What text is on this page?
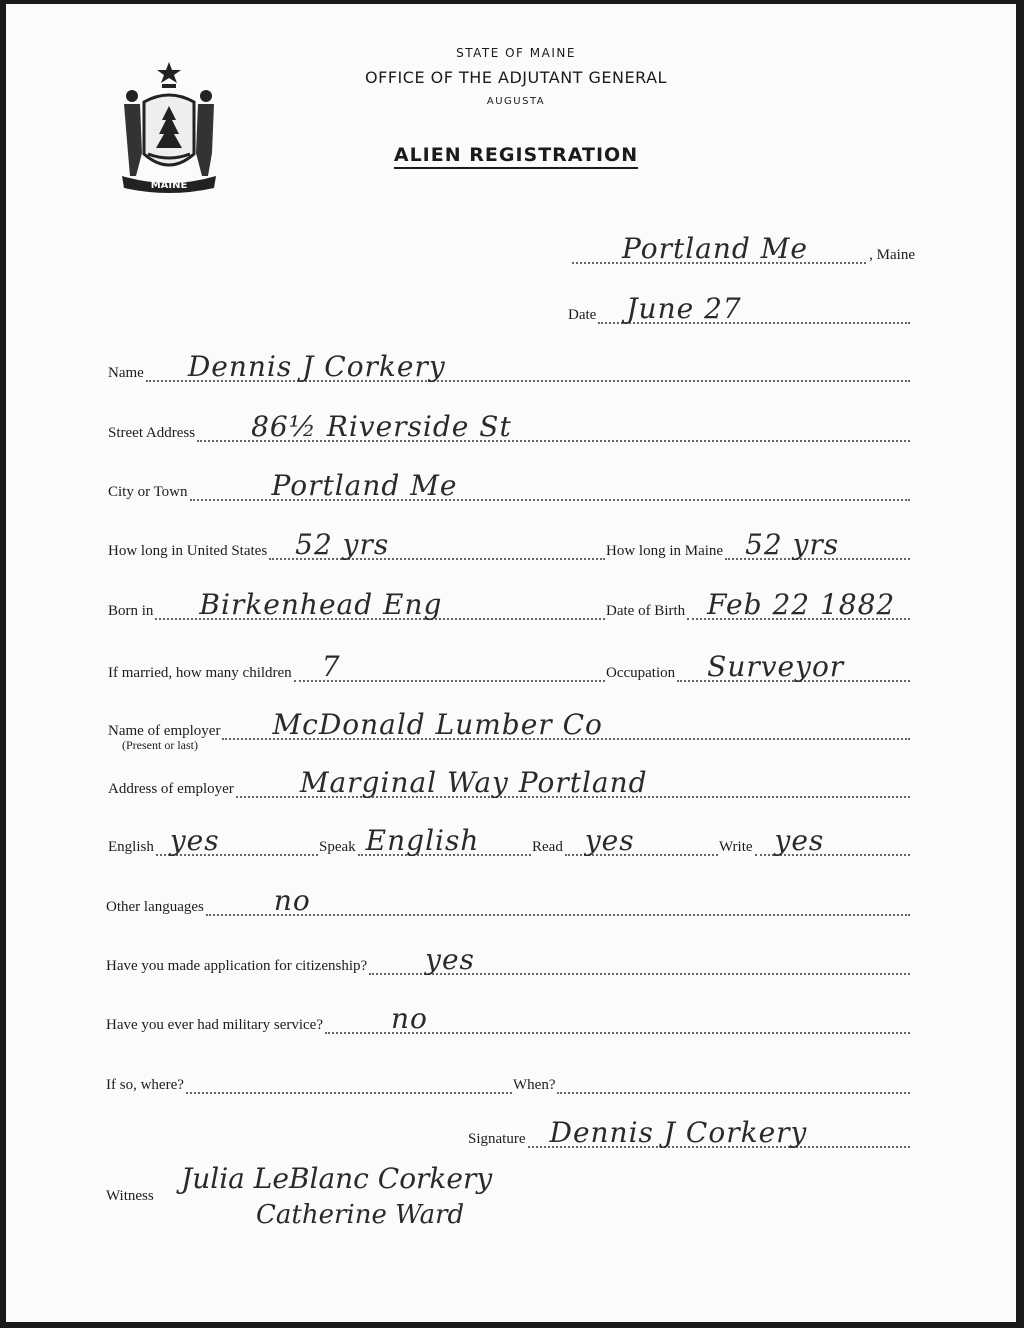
MAINE
STATE OF MAINE
OFFICE OF THE ADJUTANT GENERAL
AUGUSTA
ALIEN REGISTRATION
Portland Me	, Maine
Date June 27
Name Dennis J Corkery
Street Address 86½ Riverside St
City or Town	Portland Me
How long in United States 52 yrs	How long in Maine 52 yrs
Born in Birkenhead Eng	Date of Birth Feb 22 1882
If married, how many children 7	Occupation Surveyor
Name of employer
(Present or last)
McDonald Lumber Co
Address of employer Marginal Way Portland
English yes	Speak English	Read yes	Write yes
Other languages	no
Have you made application for citizenship? yes
Have you ever had military service? no
If so, where?	When?
Signature Dennis J Corkery
Witness
Julia LeBlanc Corkery
Catherine Ward
